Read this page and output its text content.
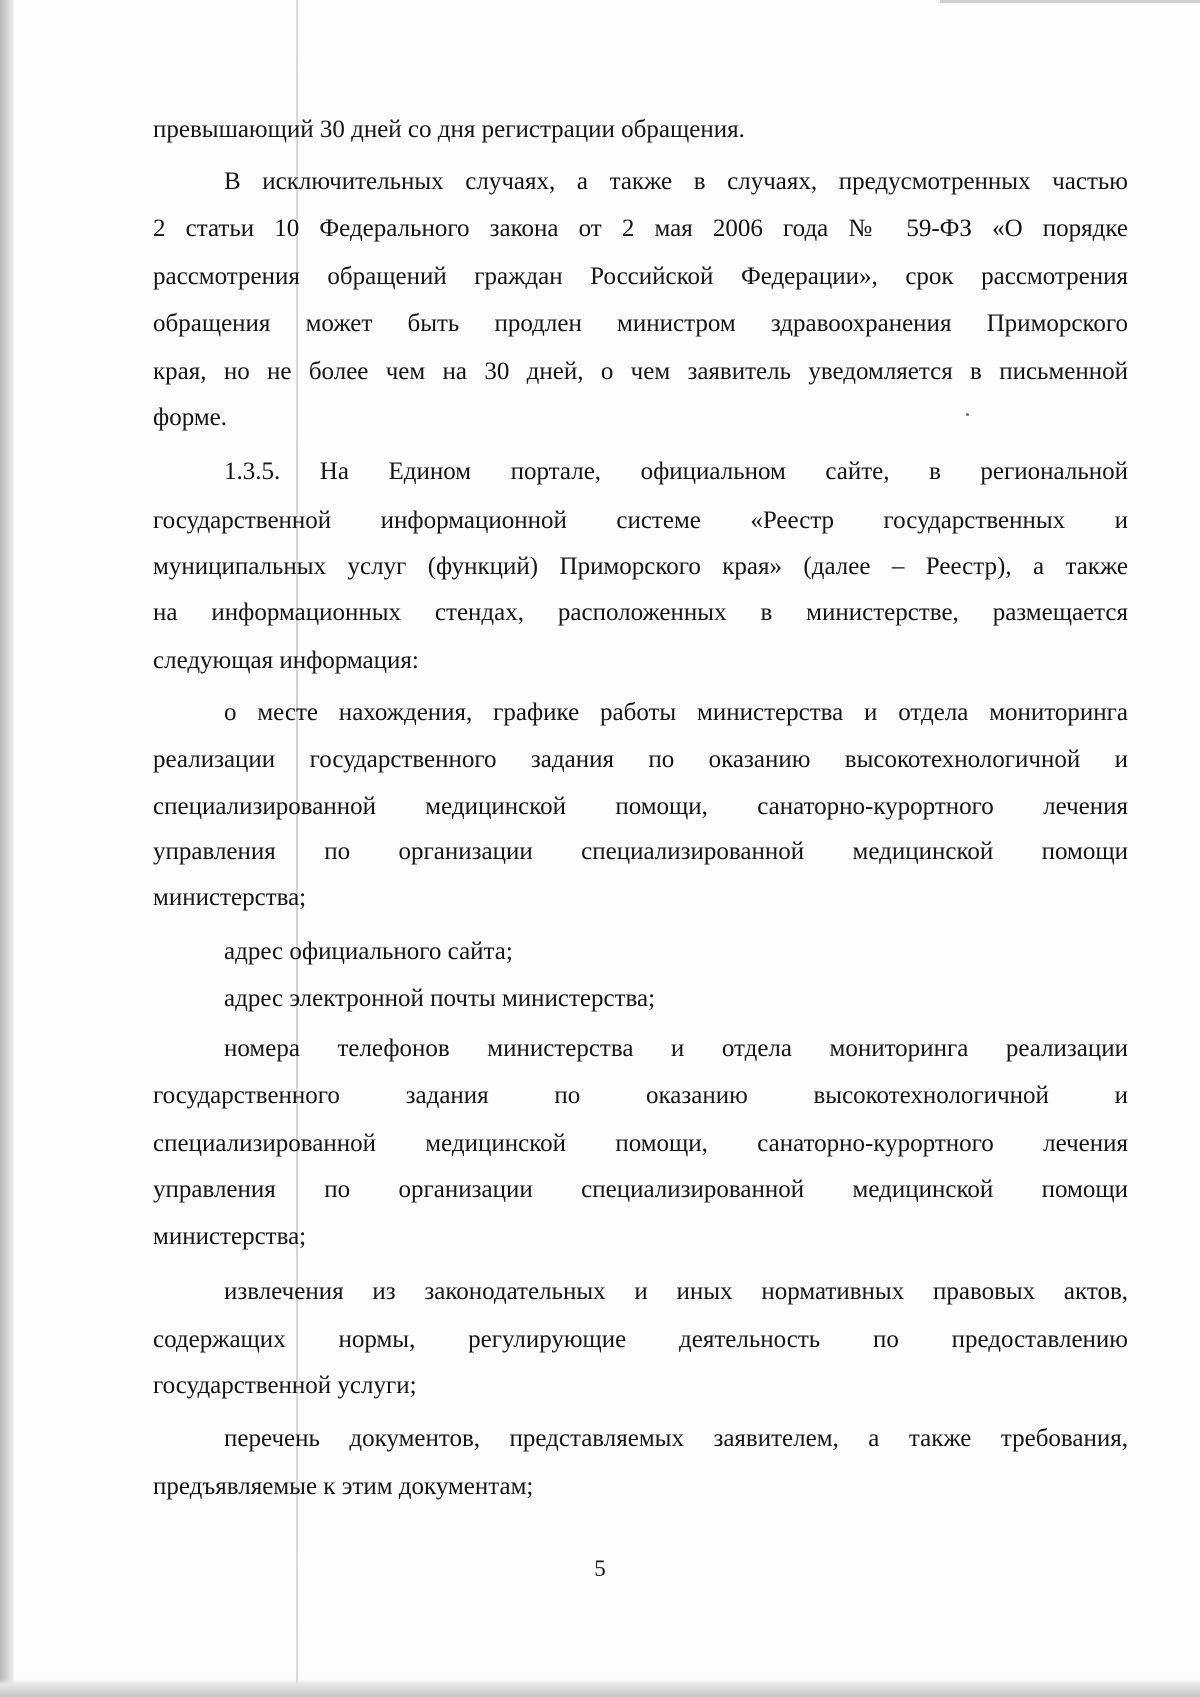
превышающий 30 дней со дня регистрации обращения.
В исключительных случаях, а также в случаях, предусмотренных частью
2 статьи 10 Федерального закона от 2 мая 2006 года № 59-ФЗ «О порядке
рассмотрения обращений граждан Российской Федерации», срок рассмотрения
обращения может быть продлен министром здравоохранения Приморского
края, но не более чем на 30 дней, о чем заявитель уведомляется в письменной
форме.
1.3.5. На Едином портале, официальном сайте, в региональной
государственной информационной системе «Реестр государственных и
муниципальных услуг (функций) Приморского края» (далее – Реестр), а также
на информационных стендах, расположенных в министерстве, размещается
следующая информация:
о месте нахождения, графике работы министерства и отдела мониторинга
реализации государственного задания по оказанию высокотехнологичной и
специализированной медицинской помощи, санаторно-курортного лечения
управления по организации специализированной медицинской помощи
министерства;
адрес официального сайта;
адрес электронной почты министерства;
номера телефонов министерства и отдела мониторинга реализации
государственного задания по оказанию высокотехнологичной и
специализированной медицинской помощи, санаторно-курортного лечения
управления по организации специализированной медицинской помощи
министерства;
извлечения из законодательных и иных нормативных правовых актов,
содержащих нормы, регулирующие деятельность по предоставлению
государственной услуги;
перечень документов, представляемых заявителем, а также требования,
предъявляемые к этим документам;
5
